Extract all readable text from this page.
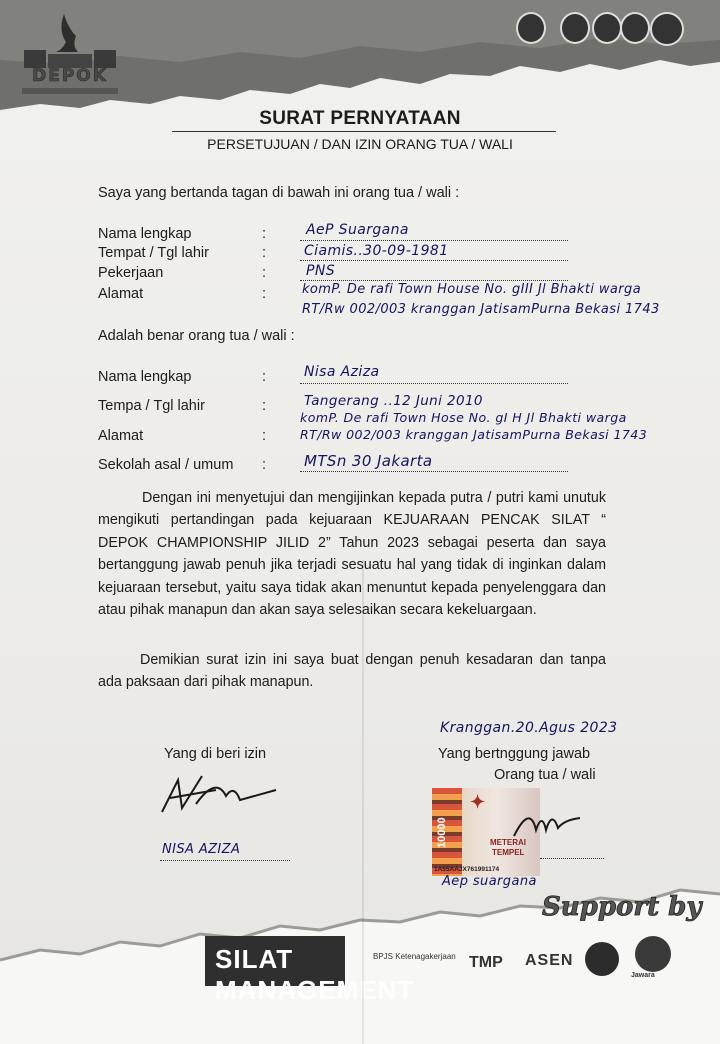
DEPOK
SURAT PERNYATAAN
PERSETUJUAN / DAN IZIN ORANG TUA / WALI
Saya yang bertanda tagan di bawah ini orang tua / wali :
Nama lengkap	:	AeP Suargana
Tempat / Tgl lahir	:	Ciamis..30-09-1981
Pekerjaan	:	PNS
Alamat	:	komP. De rafi Town House No. gIII Jl Bhakti warga
RT/Rw 002/003 kranggan JatisamPurna Bekasi 1743
Adalah benar orang tua / wali :
Nama lengkap	:	Nisa Aziza
Tempa / Tgl lahir	:	Tangerang ..12 Juni 2010
Alamat	:
komP. De rafi Town Hose No. gI H Jl Bhakti warga
RT/Rw 002/003 kranggan JatisamPurna Bekasi 1743
Sekolah asal / umum :	MTSn 30 Jakarta

Dengan ini menyetujui dan mengijinkan kepada putra / putri kami unutuk mengikuti pertandingan pada kejuaraan KEJUARAAN PENCAK SILAT “ DEPOK CHAMPIONSHIP JILID 2” Tahun 2023 sebagai peserta dan saya bertanggung jawab penuh jika terjadi sesuatu hal yang tidak di inginkan dalam kejuaraan tersebut, yaitu saya tidak akan menuntut kepada penyelenggara dan atau pihak manapun dan akan saya selesaikan secara kekeluargaan.

Demikian surat izin ini saya buat dengan penuh kesadaran dan tanpa ada paksaan dari pihak manapun.

Kranggan.20.Agus 2023
Yang di beri izin	Yang bertnggung jawab
Orang tua / wali
NISA AZIZA
✦
10000	METERAI
TEMPEL
1A55AAJX761991174
Aep suargana
Support by
SILAT MANAGEMENT
BPJS Ketenagakerjaan TMP ASEN
Jawara
